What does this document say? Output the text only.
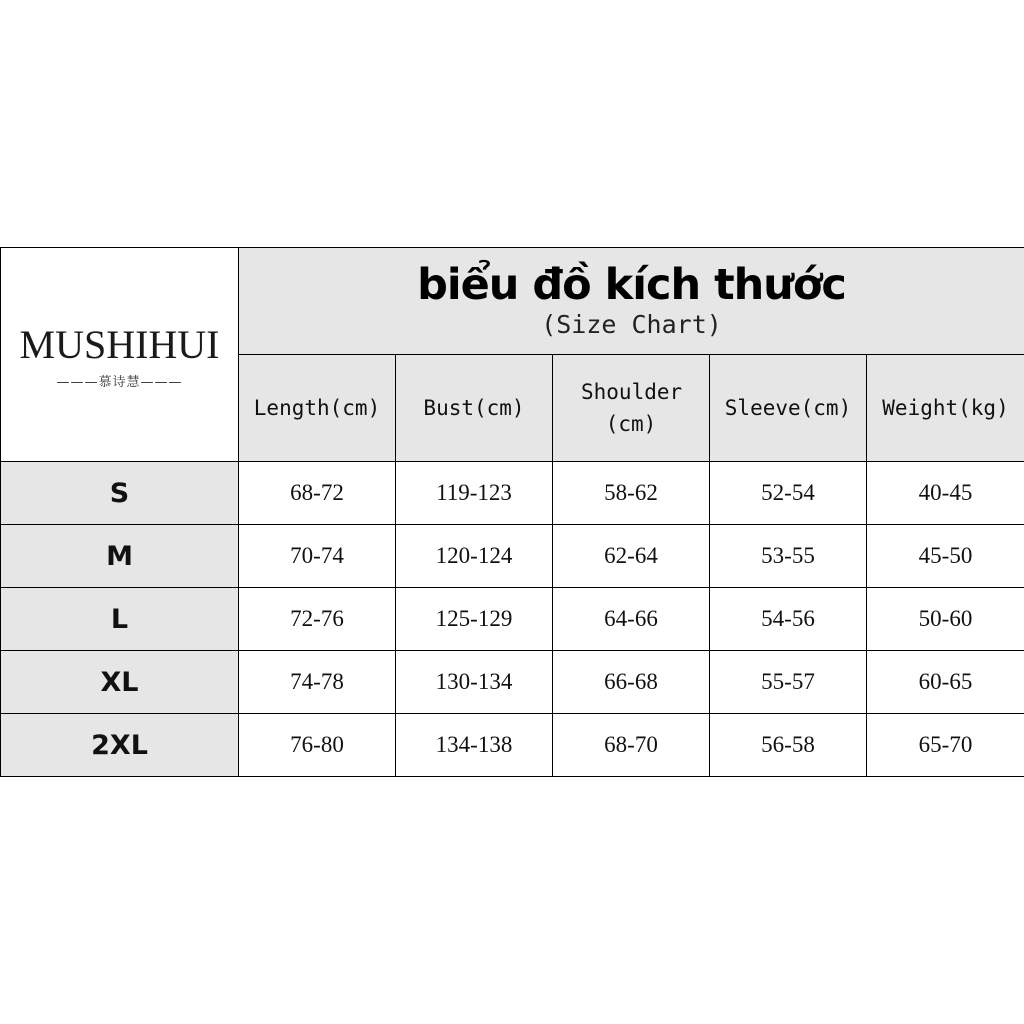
MUSHIHUI
———慕诗慧———	biểu đồ kích thước
(Size Chart)				

	Length(cm)	Bust(cm)	Shoulder (cm)	Sleeve(cm)	Weight(kg)
S	68-72	119-123	58-62	52-54	40-45
M	70-74	120-124	62-64	53-55	45-50
L	72-76	125-129	64-66	54-56	50-60
XL	74-78	130-134	66-68	55-57	60-65
2XL	76-80	134-138	68-70	56-58	65-70
